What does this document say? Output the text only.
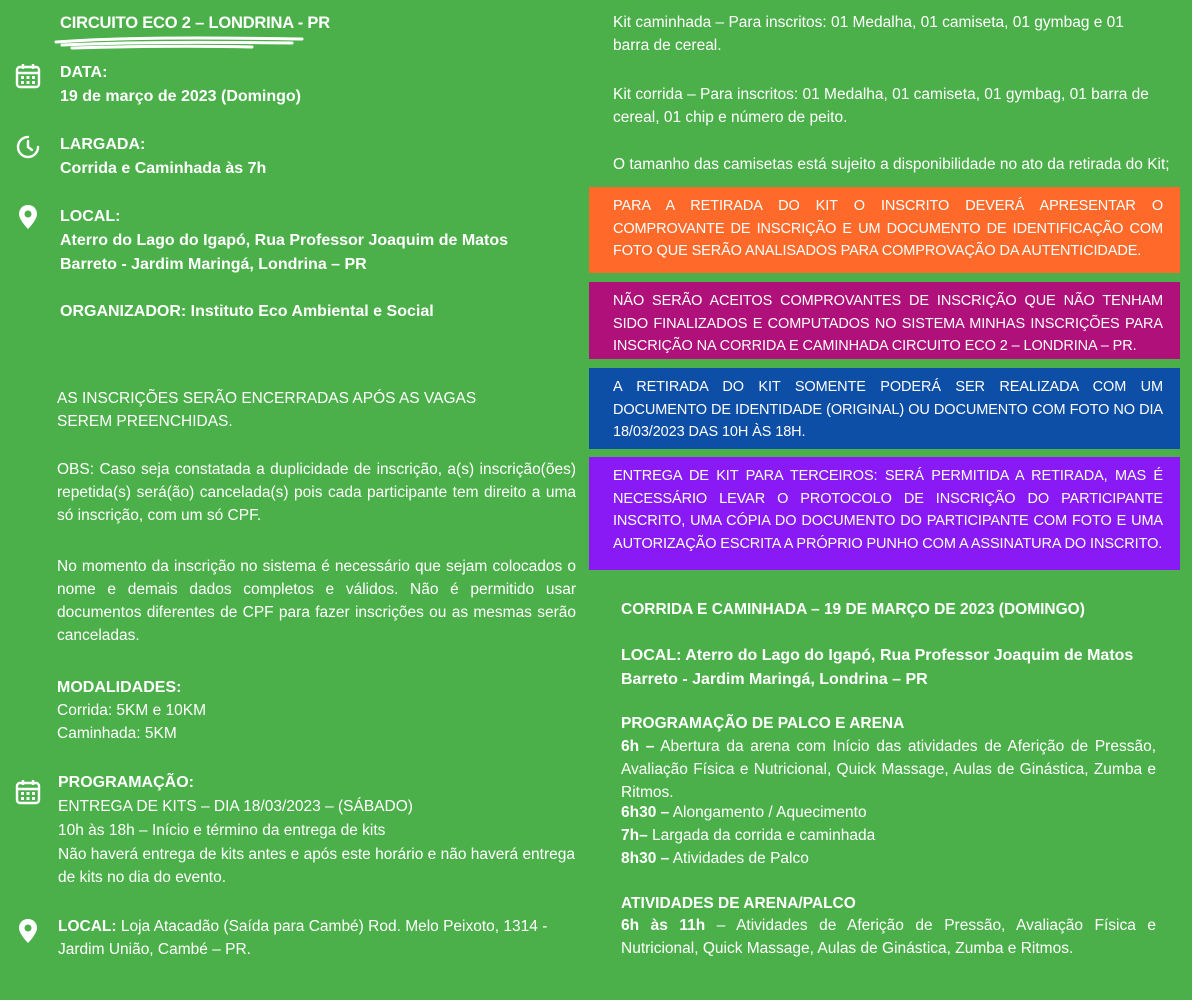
CIRCUITO ECO 2 – LONDRINA - PR
DATA:
19 de março de 2023 (Domingo)
LARGADA:
Corrida e Caminhada às 7h
LOCAL:
Aterro do Lago do Igapó, Rua Professor Joaquim de Matos
Barreto - Jardim Maringá, Londrina – PR
ORGANIZADOR: Instituto Eco Ambiental e Social
AS INSCRIÇÕES SERÃO ENCERRADAS APÓS AS VAGAS SEREM PREENCHIDAS.
OBS: Caso seja constatada a duplicidade de inscrição, a(s) inscrição(ões) repetida(s) será(ão) cancelada(s) pois cada participante tem direito a uma só inscrição, com um só CPF.
No momento da inscrição no sistema é necessário que sejam colocados o nome e demais dados completos e válidos. Não é permitido usar documentos diferentes de CPF para fazer inscrições ou as mesmas serão canceladas.
MODALIDADES:
Corrida: 5KM e 10KM
Caminhada: 5KM
PROGRAMAÇÃO:
ENTREGA DE KITS – DIA 18/03/2023 – (SÁBADO)
10h às 18h – Início e término da entrega de kits
Não haverá entrega de kits antes e após este horário e não haverá entrega de kits no dia do evento.
LOCAL: Loja Atacadão (Saída para Cambé) Rod. Melo Peixoto, 1314 - Jardim União, Cambé – PR.
Kit caminhada – Para inscritos: 01 Medalha, 01 camiseta, 01 gymbag e 01 barra de cereal.
Kit corrida – Para inscritos: 01 Medalha, 01 camiseta, 01 gymbag, 01 barra de cereal, 01 chip e número de peito.
O tamanho das camisetas está sujeito a disponibilidade no ato da retirada do Kit;
PARA A RETIRADA DO KIT O INSCRITO DEVERÁ APRESENTAR O COMPROVANTE DE INSCRIÇÃO E UM DOCUMENTO DE IDENTIFICAÇÃO COM FOTO QUE SERÃO ANALISADOS PARA COMPROVAÇÃO DA AUTENTICIDADE.
NÃO SERÃO ACEITOS COMPROVANTES DE INSCRIÇÃO QUE NÃO TENHAM SIDO FINALIZADOS E COMPUTADOS NO SISTEMA MINHAS INSCRIÇÕES PARA INSCRIÇÃO NA CORRIDA E CAMINHADA CIRCUITO ECO 2 – LONDRINA – PR.
A RETIRADA DO KIT SOMENTE PODERÁ SER REALIZADA COM UM DOCUMENTO DE IDENTIDADE (ORIGINAL) OU DOCUMENTO COM FOTO NO DIA 18/03/2023 DAS 10H ÀS 18H.
ENTREGA DE KIT PARA TERCEIROS: SERÁ PERMITIDA A RETIRADA, MAS É NECESSÁRIO LEVAR O PROTOCOLO DE INSCRIÇÃO DO PARTICIPANTE INSCRITO, UMA CÓPIA DO DOCUMENTO DO PARTICIPANTE COM FOTO E UMA AUTORIZAÇÃO ESCRITA A PRÓPRIO PUNHO COM A ASSINATURA DO INSCRITO.
CORRIDA E CAMINHADA – 19 DE MARÇO DE 2023 (DOMINGO)
LOCAL: Aterro do Lago do Igapó, Rua Professor Joaquim de Matos Barreto - Jardim Maringá, Londrina – PR
PROGRAMAÇÃO DE PALCO E ARENA
6h – Abertura da arena com Início das atividades de Aferição de Pressão, Avaliação Física e Nutricional, Quick Massage, Aulas de Ginástica, Zumba e Ritmos.
6h30 – Alongamento / Aquecimento
7h– Largada da corrida e caminhada
8h30 – Atividades de Palco
ATIVIDADES DE ARENA/PALCO
6h às 11h – Atividades de Aferição de Pressão, Avaliação Física e Nutricional, Quick Massage, Aulas de Ginástica, Zumba e Ritmos.
